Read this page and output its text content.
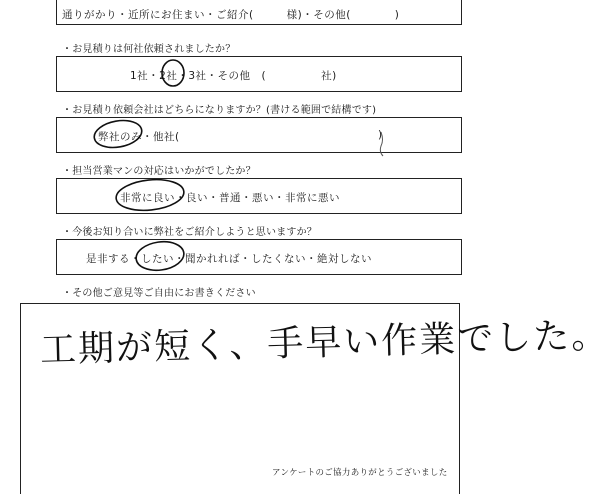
通りがかり・近所にお住まい・ご紹介(　　　様)・その他(　　　　)
・お見積りは何社依頼されましたか？
1社・2社・3社・その他　(　　　　　社)
・お見積り依頼会社はどちらになりますか？(書ける範囲で結構です)
弊社のみ・他社(	)
・担当営業マンの対応はいかがでしたか？
非常に良い・良い・普通・悪い・非常に悪い
・今後お知り合いに弊社をご紹介しようと思いますか？
是非する・したい・聞かれれば・したくない・絶対しない
・その他ご意見等ご自由にお書きください
工期が短く、手早い作業でした。
アンケートのご協力ありがとうございました
